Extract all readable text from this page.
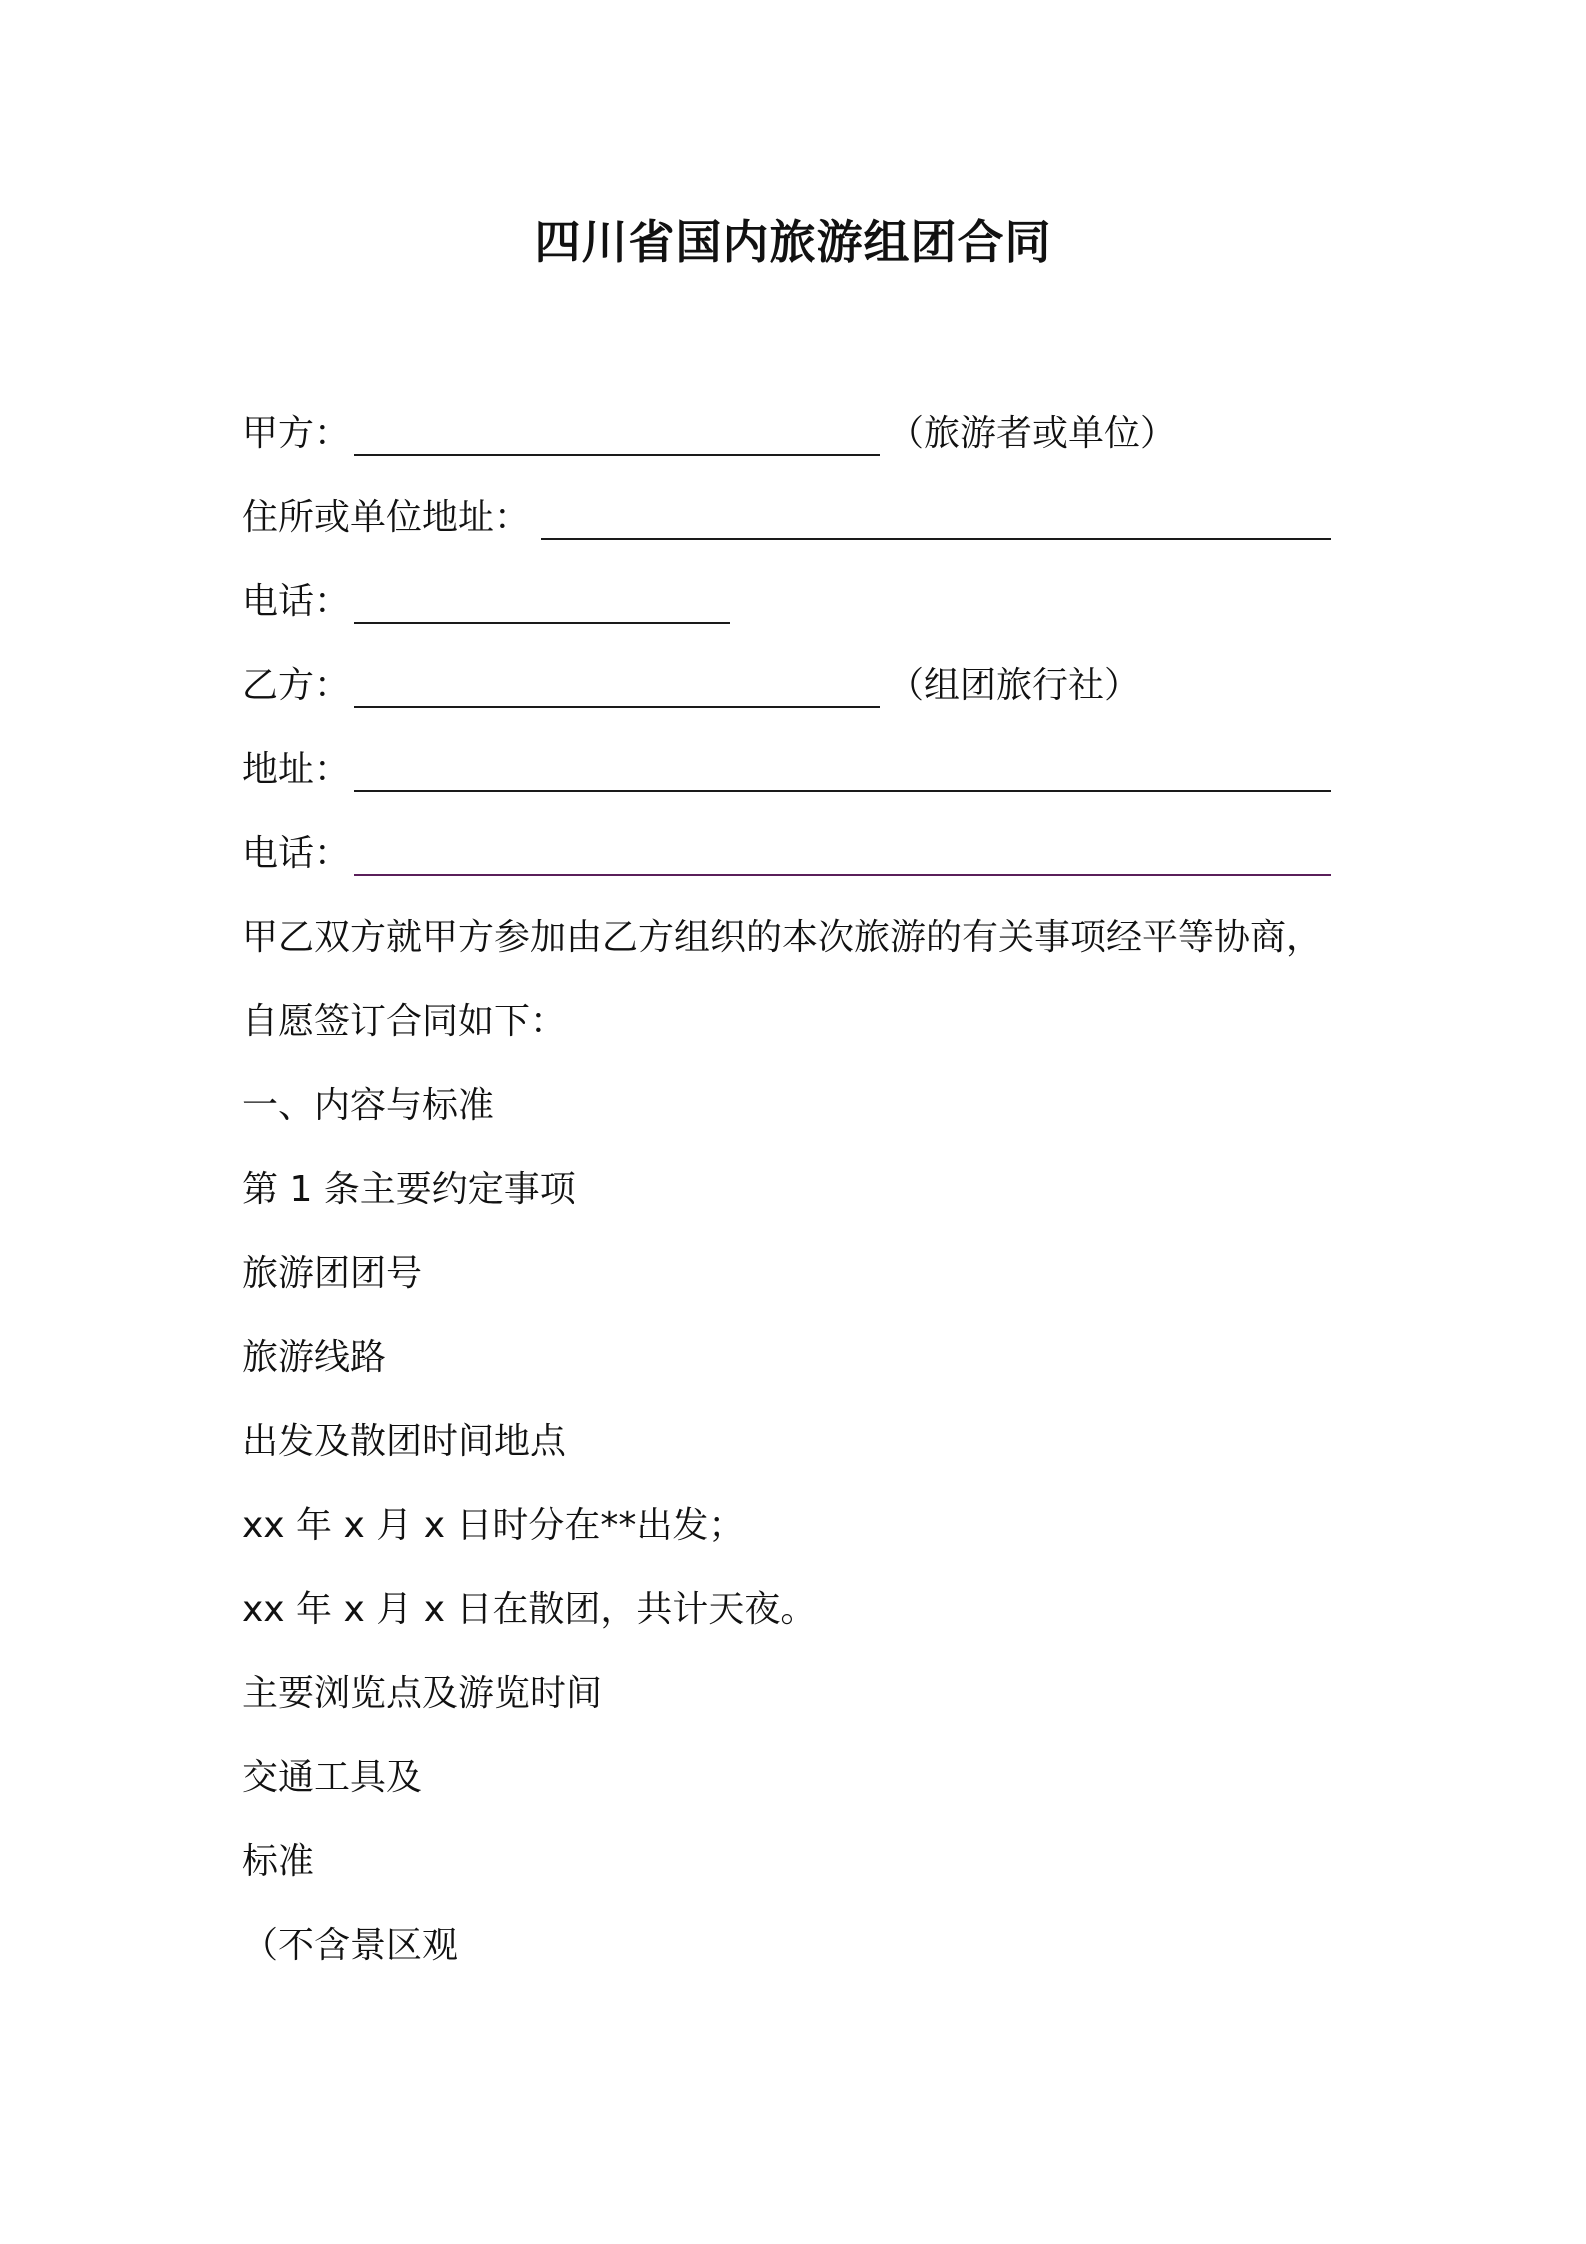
四川省国内旅游组团合同
甲方：	（旅游者或单位）
住所或单位地址：
电话：
乙方：	（组团旅行社）
地址：
电话：
甲乙双方就甲方参加由乙方组织的本次旅游的有关事项经平等协商，
自愿签订合同如下：
一、内容与标准
第 1 条主要约定事项
旅游团团号
旅游线路
出发及散团时间地点
xx 年 x 月 x 日时分在**出发；
xx 年 x 月 x 日在散团，共计天夜。
主要浏览点及游览时间
交通工具及
标准
（不含景区观
